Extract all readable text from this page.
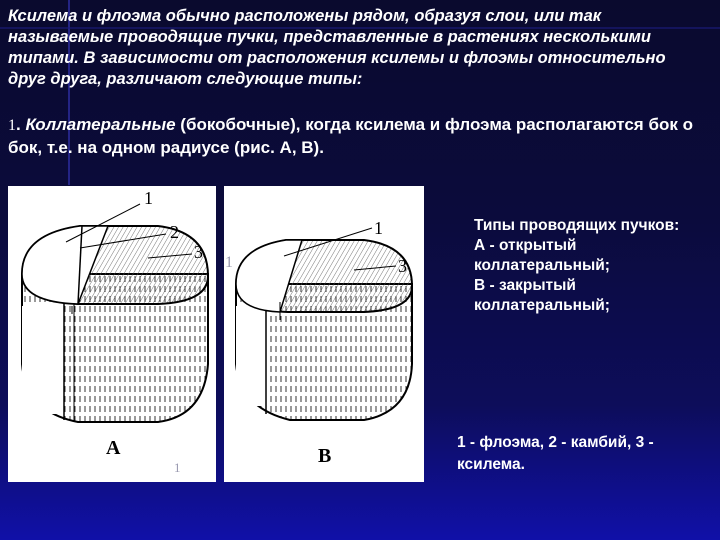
Ксилема и флоэма обычно расположены рядом, образуя слои, или так называемые проводящие пучки, представленные в растениях несколькими типами. В зависимости от расположения ксилемы и флоэмы относительно друг друга, различают следующие типы:
1. Коллатеральные (бокобочные), когда ксилема и флоэма располагаются бок о бок, т.е. на одном радиусе (рис. А, В).
1
2
3
А
1
3
В
1
1
Типы проводящих пучков:
А - открытый коллатеральный;
В - закрытый коллатеральный;
1 - флоэма, 2 - камбий, 3 - ксилема.
